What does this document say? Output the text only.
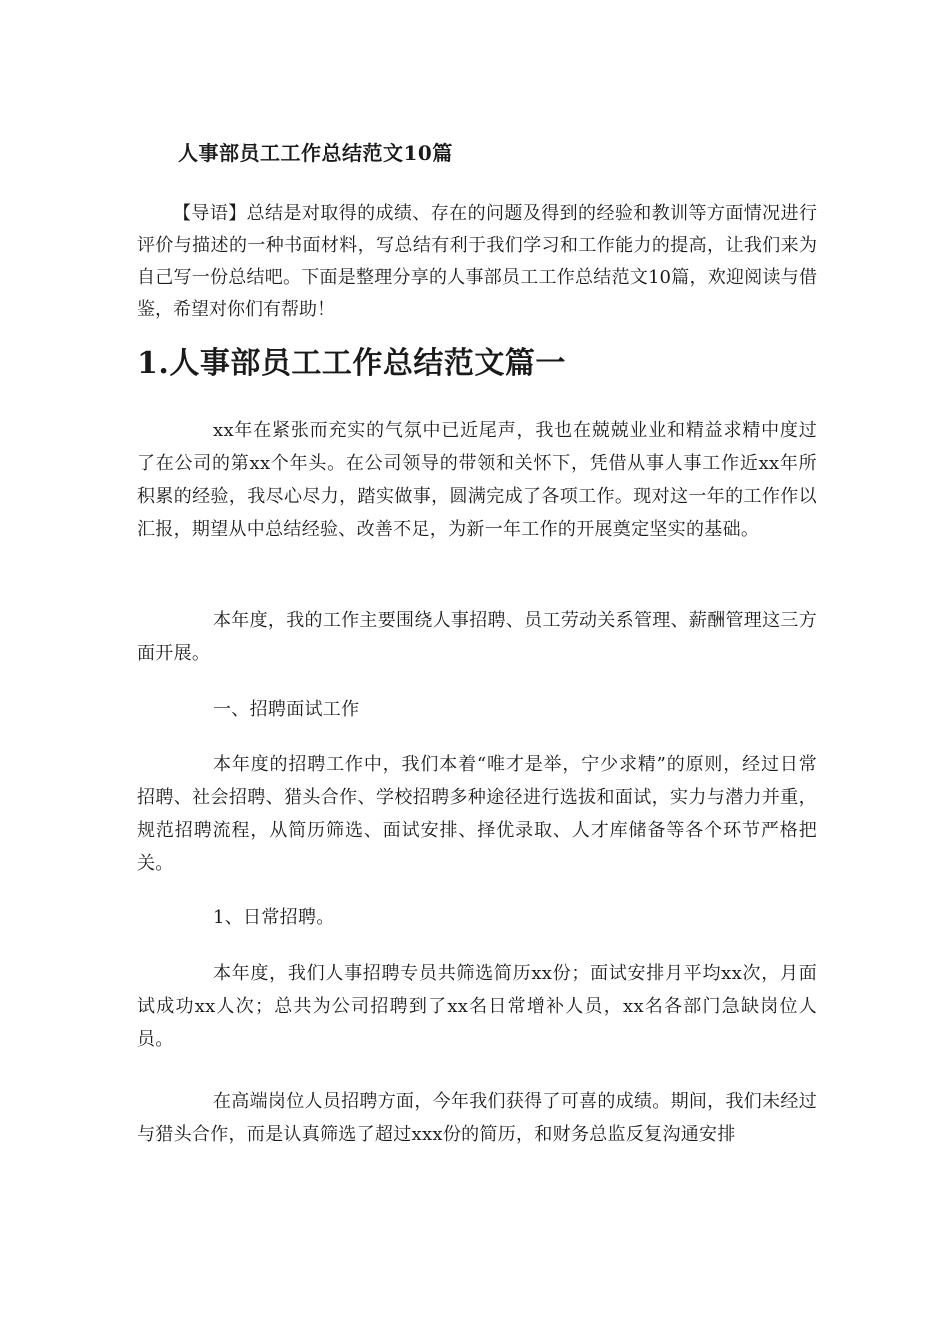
人事部员工工作总结范文10篇

【导语】总结是对取得的成绩、存在的问题及得到的经验和教训等方面情况进行评价与描述的一种书面材料，写总结有利于我们学习和工作能力的提高，让我们来为自己写一份总结吧。下面是整理分享的人事部员工工作总结范文10篇，欢迎阅读与借鉴，希望对你们有帮助！

1.人事部员工工作总结范文篇一

xx年在紧张而充实的气氛中已近尾声，我也在兢兢业业和精益求精中度过了在公司的第xx个年头。在公司领导的带领和关怀下，凭借从事人事工作近xx年所积累的经验，我尽心尽力，踏实做事，圆满完成了各项工作。现对这一年的工作作以汇报，期望从中总结经验、改善不足，为新一年工作的开展奠定坚实的基础。

本年度，我的工作主要围绕人事招聘、员工劳动关系管理、薪酬管理这三方面开展。

一、招聘面试工作

本年度的招聘工作中，我们本着“唯才是举，宁少求精”的原则，经过日常招聘、社会招聘、猎头合作、学校招聘多种途径进行选拔和面试，实力与潜力并重，规范招聘流程，从简历筛选、面试安排、择优录取、人才库储备等各个环节严格把关。

1、日常招聘。

本年度，我们人事招聘专员共筛选简历xx份；面试安排月平均xx次，月面试成功xx人次；总共为公司招聘到了xx名日常增补人员，xx名各部门急缺岗位人员。

在高端岗位人员招聘方面，今年我们获得了可喜的成绩。期间，我们未经过与猎头合作，而是认真筛选了超过xxx份的简历，和财务总监反复沟通安排
